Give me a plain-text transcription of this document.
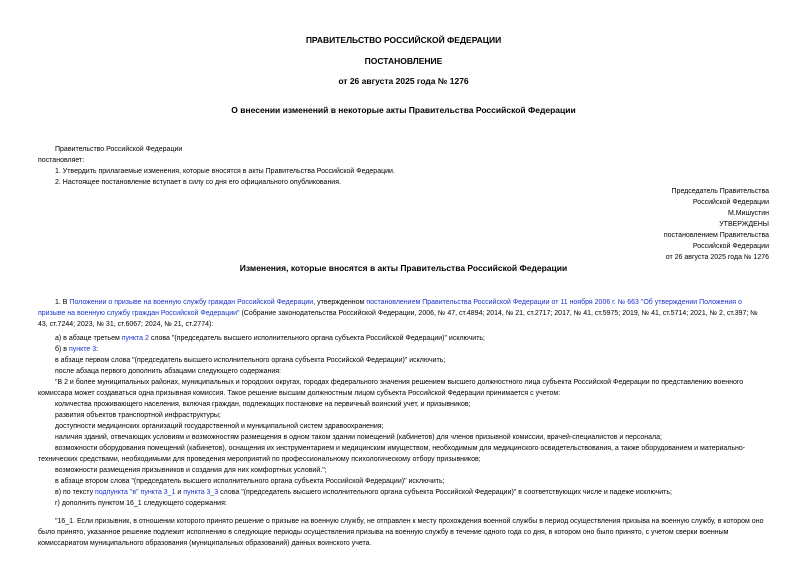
ПРАВИТЕЛЬСТВО РОССИЙСКОЙ ФЕДЕРАЦИИ
ПОСТАНОВЛЕНИЕ
от 26 августа 2025 года № 1276
О внесении изменений в некоторые акты Правительства Российской Федерации
Правительство Российской Федерации
постановляет:
1. Утвердить прилагаемые изменения, которые вносятся в акты Правительства Российской Федерации.
2. Настоящее постановление вступает в силу со дня его официального опубликования.
Председатель Правительства
Российской Федерации
М.Мишустин
УТВЕРЖДЕНЫ
постановлением Правительства
Российской Федерации
от 26 августа 2025 года № 1276
Изменения, которые вносятся в акты Правительства Российской Федерации
1. В Положении о призыве на военную службу граждан Российской Федерации, утвержденном постановлением Правительства Российской Федерации от 11 ноября 2006 г. № 663 "Об утверждении Положения о призыве на военную службу граждан Российской Федерации" (Собрание законодательства Российской Федерации, 2006, № 47, ст.4894; 2014, № 21, ст.2717; 2017, № 41, ст.5975; 2019, № 41, ст.5714; 2021, № 2, ст.397; № 43, ст.7244; 2023, № 31, ст.6067; 2024, № 21, ст.2774):
а) в абзаце третьем пункта 2 слова "(председатель высшего исполнительного органа субъекта Российской Федерации)" исключить;
б) в пункте 3:
в абзаце первом слова "(председатель высшего исполнительного органа субъекта Российской Федерации)" исключить;
после абзаца первого дополнить абзацами следующего содержания:
"В 2 и более муниципальных районах, муниципальных и городских округах, городах федерального значения решением высшего должностного лица субъекта Российской Федерации по представлению военного комиссара может создаваться одна призывная комиссия. Такое решение высшим должностным лицом субъекта Российской Федерации принимается с учетом:
количества проживающего населения, включая граждан, подлежащих постановке на первичный воинский учет, и призывников;
развития объектов транспортной инфраструктуры;
доступности медицинских организаций государственной и муниципальной систем здравоохранения;
наличия зданий, отвечающих условиям и возможностям размещения в одном таком здании помещений (кабинетов) для членов призывной комиссии, врачей-специалистов и персонала;
возможности оборудования помещений (кабинетов), оснащения их инструментарием и медицинским имуществом, необходимым для медицинского освидетельствования, а также оборудованием и материально-технических средствами, необходимыми для проведения мероприятий по профессиональному психологическому отбору призывников;
возможности размещения призывников и создания для них комфортных условий.";
в абзаце втором слова "(председатель высшего исполнительного органа субъекта Российской Федерации)" исключить;
в) по тексту подпункта "в" пункта 3_1 и пункта 3_3 слова "(председатель высшего исполнительного органа субъекта Российской Федерации)" в соответствующих числе и падеже исключить;
г) дополнить пунктом 16_1 следующего содержания:
"16_1. Если призывник, в отношении которого принято решение о призыве на военную службу, не отправлен к месту прохождения военной службы в период осуществления призыва на военную службу, в котором оно было принято, указанное решение подлежит исполнению в следующие периоды осуществления призыва на военную службу в течение одного года со дня, в котором оно было принято, с учетом сверки военным комиссариатом муниципального образования (муниципальных образований) данных воинского учета.
